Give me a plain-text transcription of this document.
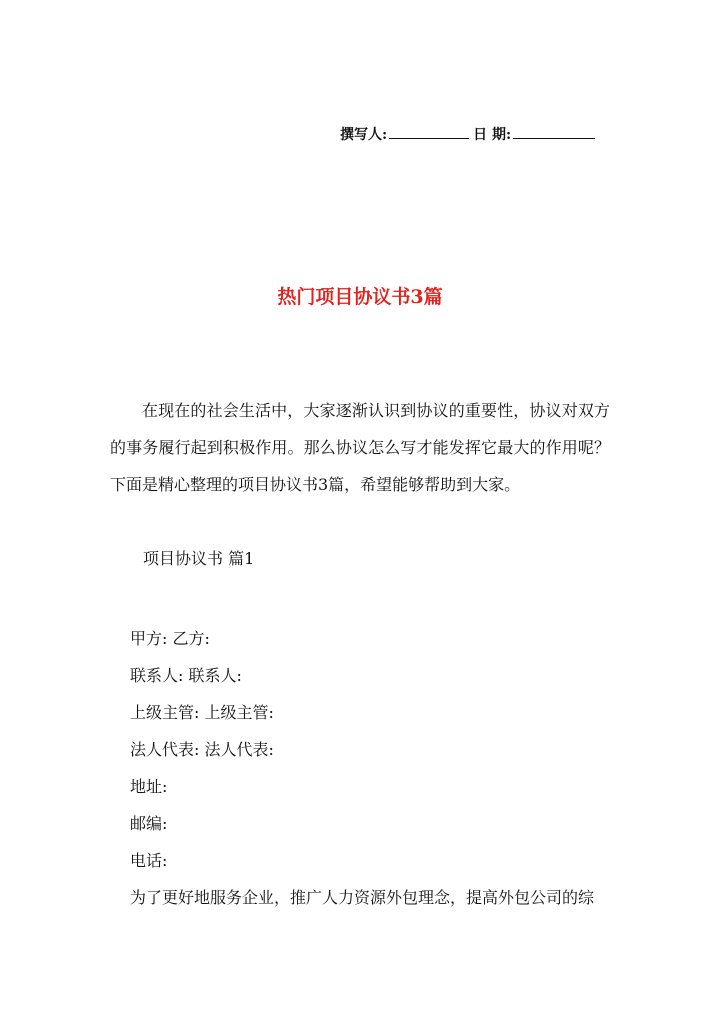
撰写人:	日 期:
热门项目协议书3篇

在现在的社会生活中，大家逐渐认识到协议的重要性，协议对双方的事务履行起到积极作用。那么协议怎么写才能发挥它最大的作用呢？下面是精心整理的项目协议书3篇，希望能够帮助到大家。

项目协议书 篇1
甲方: 乙方:
联系人: 联系人:
上级主管: 上级主管:
法人代表: 法人代表:
地址:
邮编:
电话:

为了更好地服务企业，推广人力资源外包理念，提高外包公司的综
